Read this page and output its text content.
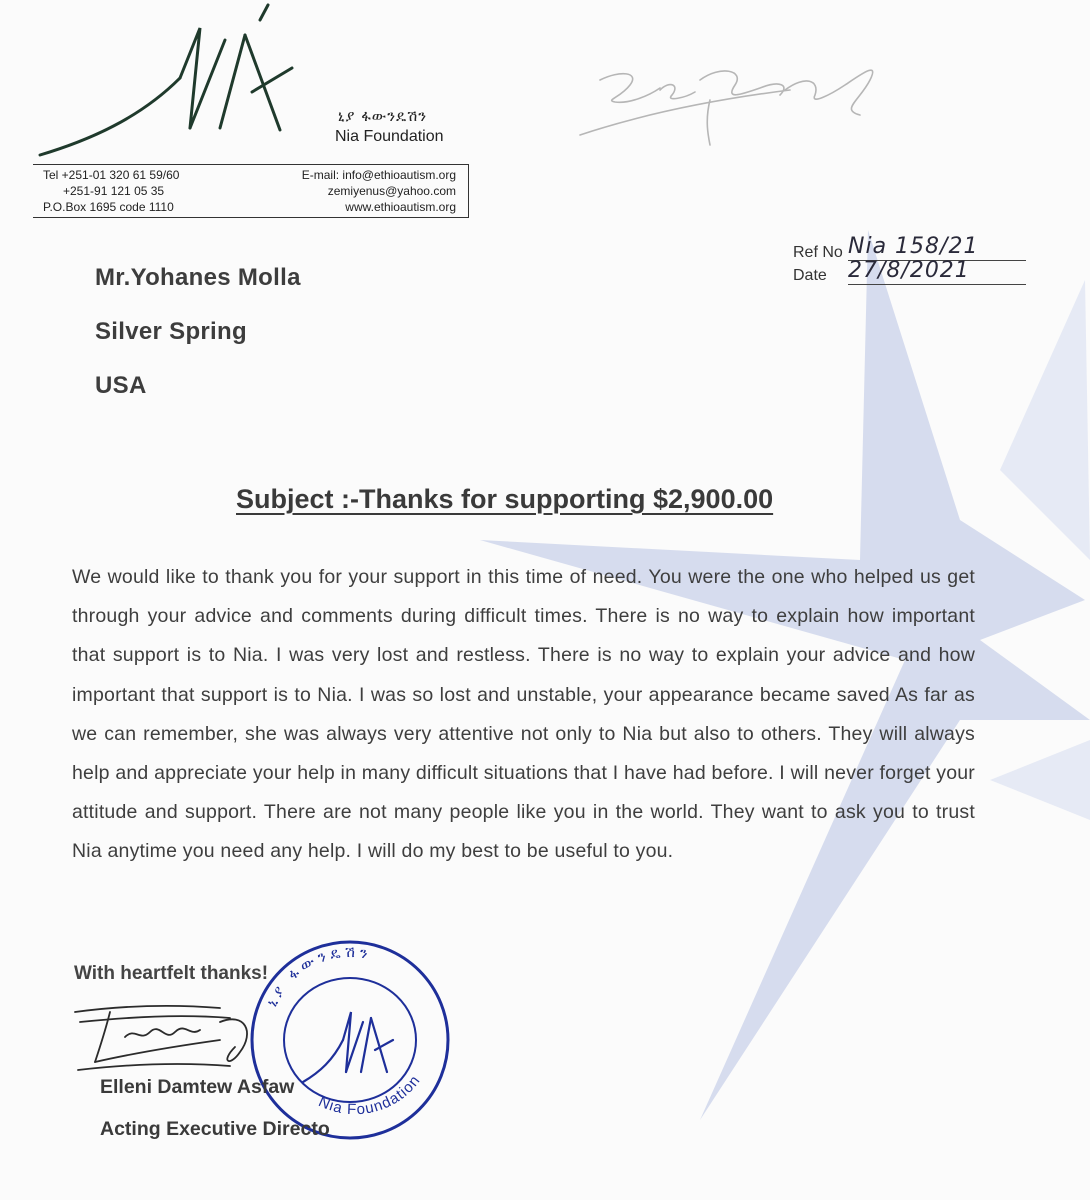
ኒያ ፋውንዴሽን
Nia Foundation
Tel +251-01 320 61 59/60
+251-91 121 05 35
P.O.Box 1695 code 1110
E-mail: info@ethioautism.org
zemiyenus@yahoo.com
www.ethioautism.org
Ref No
Date
Nia 158/21
27/8/2021
Mr.Yohanes Molla
Silver Spring
USA
Subject :-Thanks for supporting $2,900.00
We would like to thank you for your support in this time of need. You were the one who helped us get through your advice and comments during difficult times. There is no way to explain how important that support is to Nia. I was very lost and restless. There is no way to explain your advice and how important that support is to Nia. I was so lost and unstable, your appearance became saved As far as we can remember, she was always very attentive not only to Nia but also to others. They will always help and appreciate your help in many difficult situations that I have had before. I will never forget your attitude and support. There are not many people like you in the world. They want to ask you to trust Nia anytime you need any help. I will do my best to be useful to you.
With heartfelt thanks!
ኒያ ፋውንዴሽን
Nia Foundation
Elleni Damtew Asfaw
Acting Executive Directo
